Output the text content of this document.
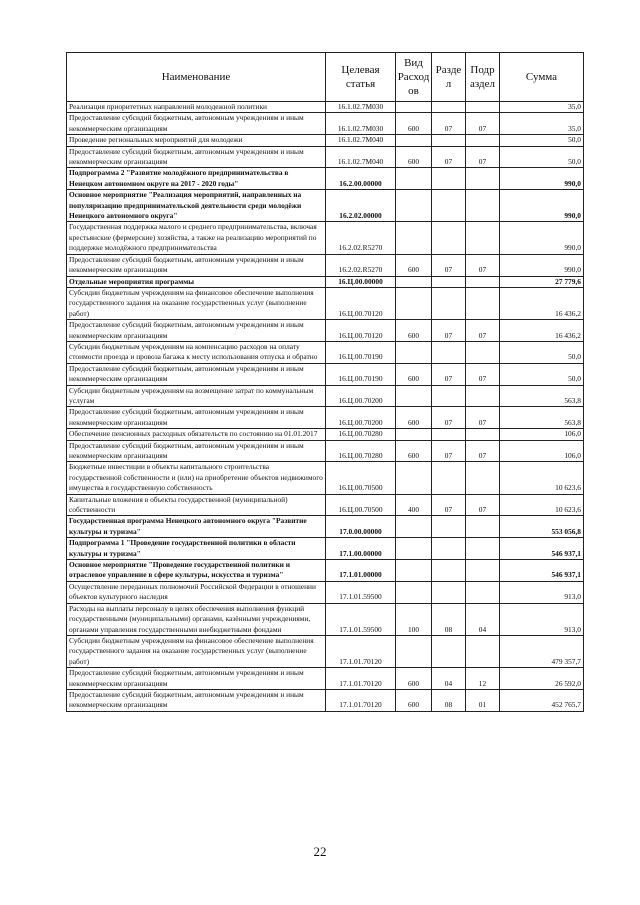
Наименование	Целевая статья	Вид Расход ов	Разде л	Подр аздел	Сумма
Реализация приоритетных направлений молодежной политики	16.1.02.7М030				35,0
Предоставление субсидий бюджетным, автономным учреждениям и иным некоммерческим организациям	16.1.02.7М030	600	07	07	35,0
Проведение региональных мероприятий для молодежи	16.1.02.7М040				50,0
Предоставление субсидий бюджетным, автономным учреждениям и иным некоммерческим организациям	16.1.02.7М040	600	07	07	50,0
Подпрограмма 2 "Развитие молодёжного предпринимательства в Ненецком автономном округе на 2017 - 2020 годы"	16.2.00.00000				990,0
Основное мероприятие "Реализация мероприятий, направленных на популяризацию предпринимательской деятельности среди молодёжи Ненецкого автономного округа"	16.2.02.00000				990,0
Государственная поддержка малого и среднего предпринимательства, включая крестьянские (фермерские) хозяйства, а также на реализацию мероприятий по поддержке молодёжного предпринимательства	16.2.02.R5270				990,0
Предоставление субсидий бюджетным, автономным учреждениям и иным некоммерческим организациям	16.2.02.R5270	600	07	07	990,0
Отдельные мероприятия программы	16.Ц.00.00000				27 779,6
Субсидии бюджетным учреждениям на финансовое обеспечение выполнения государственного задания на оказание государственных услуг (выполнение работ)	16.Ц.00.70120				16 436,2
Предоставление субсидий бюджетным, автономным учреждениям и иным некоммерческим организациям	16.Ц.00.70120	600	07	07	16 436,2
Субсидии бюджетным учреждениям на компенсацию расходов на оплату стоимости проезда и провоза багажа к месту использования отпуска и обратно	16.Ц.00.70190				50,0
Предоставление субсидий бюджетным, автономным учреждениям и иным некоммерческим организациям	16.Ц.00.70190	600	07	07	50,0
Субсидии бюджетным учреждениям на возмещение затрат по коммунальным услугам	16.Ц.00.70200				563,8
Предоставление субсидий бюджетным, автономным учреждениям и иным некоммерческим организациям	16.Ц.00.70200	600	07	07	563,8
Обеспечение пенсионных расходных обязательств по состоянию на 01.01.2017	16.Ц.00.70280				106,0
Предоставление субсидий бюджетным, автономным учреждениям и иным некоммерческим организациям	16.Ц.00.70280	600	07	07	106,0
Бюджетные инвестиции в объекты капитального строительства государственной собственности и (или) на приобретение объектов недвижимого имущества в государственную собственность	16.Ц.00.70500				10 623,6
Капитальные вложения в объекты государственной (муниципальной) собственности	16.Ц.00.70500	400	07	07	10 623,6
Государственная программа Ненецкого автономного округа "Развитие культуры и туризма"	17.0.00.00000				553 056,8
Подпрограмма 1 "Проведение государственной политики в области культуры и туризма"	17.1.00.00000				546 937,1
Основное мероприятие "Проведение государственной политики и отраслевое управление в сфере культуры, искусства и туризма"	17.1.01.00000				546 937,1
Осуществление переданных полномочий Российской Федерации в отношении объектов культурного наследия	17.1.01.59500				913,0
Расходы на выплаты персоналу в целях обеспечения выполнения функций государственными (муниципальными) органами, казёнными учреждениями, органами управления государственными внебюджетными фондами	17.1.01.59500	100	08	04	913,0
Субсидии бюджетным учреждениям на финансовое обеспечение выполнения государственного задания на оказание государственных услуг (выполнение работ)	17.1.01.70120				479 357,7
Предоставление субсидий бюджетным, автономным учреждениям и иным некоммерческим организациям	17.1.01.70120	600	04	12	26 592,0
Предоставление субсидий бюджетным, автономным учреждениям и иным некоммерческим организациям	17.1.01.70120	600	08	01	452 765,7
22
